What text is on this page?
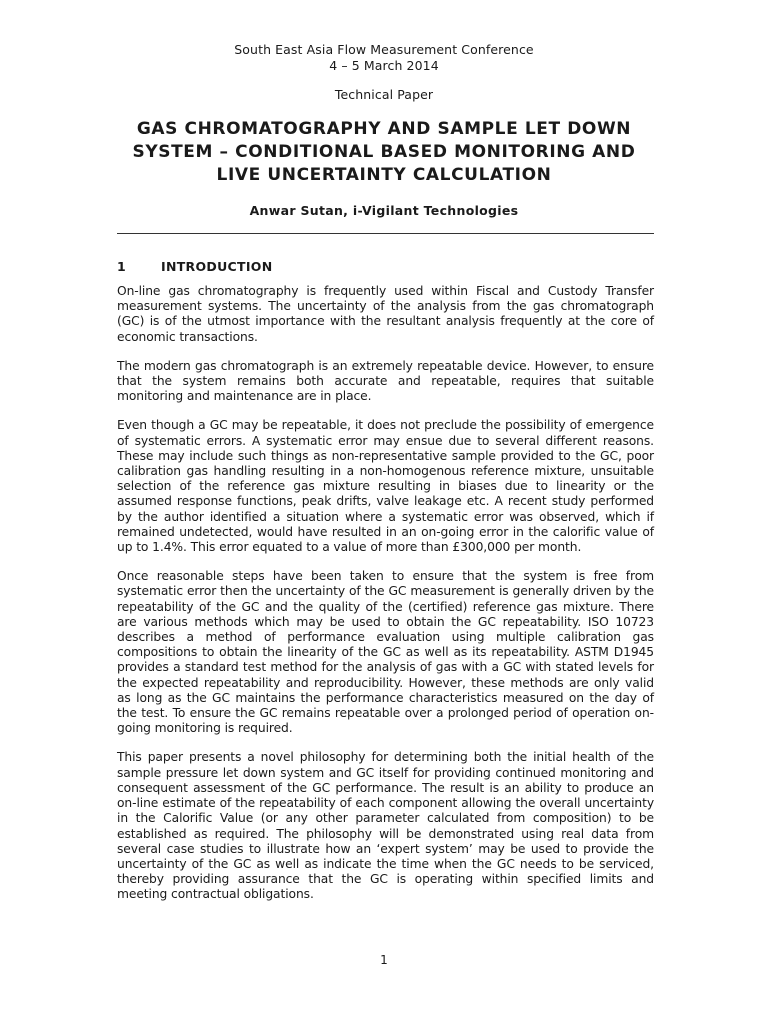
South East Asia Flow Measurement Conference
4 – 5 March 2014
Technical Paper
GAS CHROMATOGRAPHY AND SAMPLE LET DOWN
SYSTEM – CONDITIONAL BASED MONITORING AND
LIVE UNCERTAINTY CALCULATION
Anwar Sutan, i-Vigilant Technologies
1	INTRODUCTION

On-line gas chromatography is frequently used within Fiscal and Custody Transfer measurement systems. The uncertainty of the analysis from the gas chromatograph (GC) is of the utmost importance with the resultant analysis frequently at the core of economic transactions.

The modern gas chromatograph is an extremely repeatable device. However, to ensure that the system remains both accurate and repeatable, requires that suitable monitoring and maintenance are in place.

Even though a GC may be repeatable, it does not preclude the possibility of emergence of systematic errors. A systematic error may ensue due to several different reasons. These may include such things as non-representative sample provided to the GC, poor calibration gas handling resulting in a non-homogenous reference mixture, unsuitable selection of the reference gas mixture resulting in biases due to linearity or the assumed response functions, peak drifts, valve leakage etc. A recent study performed by the author identified a situation where a systematic error was observed, which if remained undetected, would have resulted in an on-going error in the calorific value of up to 1.4%. This error equated to a value of more than £300,000 per month.

Once reasonable steps have been taken to ensure that the system is free from systematic error then the uncertainty of the GC measurement is generally driven by the repeatability of the GC and the quality of the (certified) reference gas mixture. There are various methods which may be used to obtain the GC repeatability. ISO 10723 describes a method of performance evaluation using multiple calibration gas compositions to obtain the linearity of the GC as well as its repeatability. ASTM D1945 provides a standard test method for the analysis of gas with a GC with stated levels for the expected repeatability and reproducibility. However, these methods are only valid as long as the GC maintains the performance characteristics measured on the day of the test. To ensure the GC remains repeatable over a prolonged period of operation on-going monitoring is required.

This paper presents a novel philosophy for determining both the initial health of the sample pressure let down system and GC itself for providing continued monitoring and consequent assessment of the GC performance. The result is an ability to produce an on-line estimate of the repeatability of each component allowing the overall uncertainty in the Calorific Value (or any other parameter calculated from composition) to be established as required. The philosophy will be demonstrated using real data from several case studies to illustrate how an ‘expert system’ may be used to provide the uncertainty of the GC as well as indicate the time when the GC needs to be serviced, thereby providing assurance that the GC is operating within specified limits and meeting contractual obligations.

1
